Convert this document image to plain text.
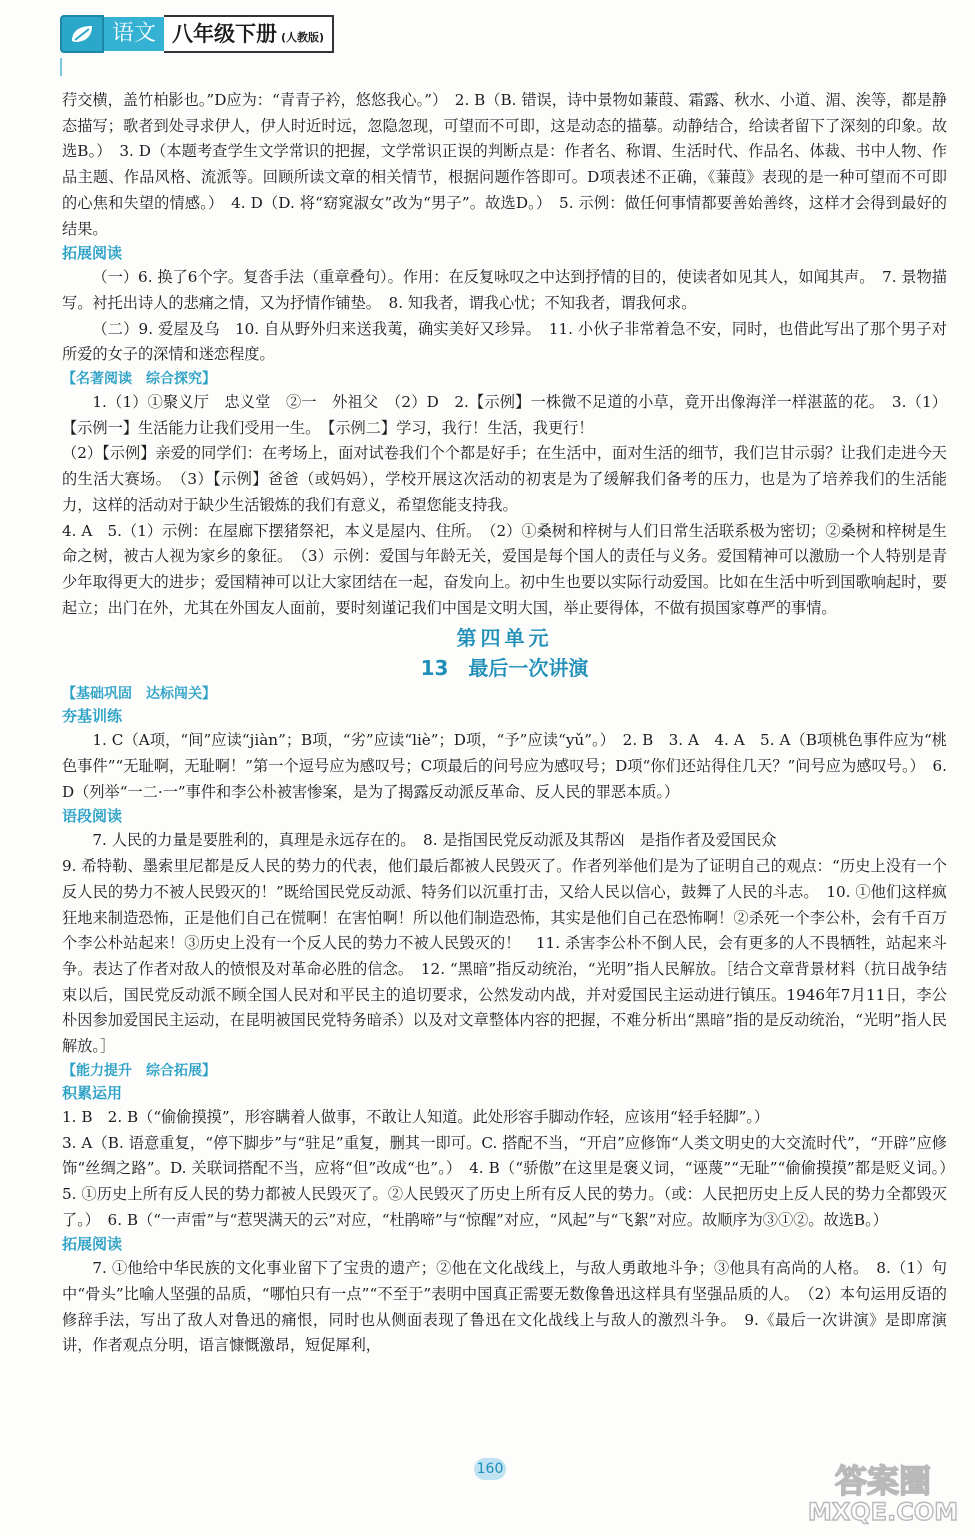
语文 八年级下册 (人教版)

荇交横，盖竹柏影也。”D应为：“青青子衿，悠悠我心。”）　2. B（B. 错误，诗中景物如蒹葭、霜露、秋水、小道、湄、涘等，都是静态描写；歌者到处寻求伊人，伊人时近时远，忽隐忽现，可望而不可即，这是动态的描摹。动静结合，给读者留下了深刻的印象。故选B。）　3. D（本题考查学生文学常识的把握，文学常识正误的判断点是：作者名、称谓、生活时代、作品名、体裁、书中人物、作品主题、作品风格、流派等。回顾所读文章的相关情节，根据问题作答即可。D项表述不正确，《蒹葭》表现的是一种可望而不可即的心焦和失望的情感。）　4. D（D. 将“窈窕淑女”改为“男子”。故选D。）　5. 示例：做任何事情都要善始善终，这样才会得到最好的结果。

拓展阅读

（一）6. 换了6个字。复沓手法（重章叠句）。作用：在反复咏叹之中达到抒情的目的，使读者如见其人，如闻其声。　7. 景物描写。衬托出诗人的悲痛之情，又为抒情作铺垫。　8. 知我者，谓我心忧；不知我者，谓我何求。

（二）9. 爱屋及乌　10. 自从野外归来送我荑，确实美好又珍异。　11. 小伙子非常着急不安，同时，也借此写出了那个男子对所爱的女子的深情和迷恋程度。

【名著阅读　综合探究】

1.（1）①聚义厅　忠义堂　②一　外祖父　（2）D　2.【示例】一株微不足道的小草，竟开出像海洋一样湛蓝的花。　3.（1）【示例一】生活能力让我们受用一生。　【示例二】学习，我行！生活，我更行！

（2）【示例】亲爱的同学们：在考场上，面对试卷我们个个都是好手；在生活中，面对生活的细节，我们岂甘示弱？让我们走进今天的生活大赛场。　（3）【示例】爸爸（或妈妈），学校开展这次活动的初衷是为了缓解我们备考的压力，也是为了培养我们的生活能力，这样的活动对于缺少生活锻炼的我们有意义，希望您能支持我。

4. A　5.（1）示例：在屋廊下摆猪祭祀，本义是屋内、住所。　（2）①桑树和梓树与人们日常生活联系极为密切；②桑树和梓树是生命之树，被古人视为家乡的象征。　（3）示例：爱国与年龄无关，爱国是每个国人的责任与义务。爱国精神可以激励一个人特别是青少年取得更大的进步；爱国精神可以让大家团结在一起，奋发向上。初中生也要以实际行动爱国。比如在生活中听到国歌响起时，要起立；出门在外，尤其在外国友人面前，要时刻谨记我们中国是文明大国，举止要得体，不做有损国家尊严的事情。

第四单元
13　最后一次讲演
【基础巩固　达标闯关】
夯基训练

1. C（A项，“间”应读“jiàn”；B项，“劣”应读“liè”；D项，“予”应读“yǔ”。）　2. B　3. A　4. A　5. A（B项桃色事件应为“桃色事件”“无耻啊，无耻啊！”第一个逗号应为感叹号；C项最后的问号应为感叹号；D项“你们还站得住几天？”问号应为感叹号。）　6. D（列举“一二·一”事件和李公朴被害惨案，是为了揭露反动派反革命、反人民的罪恶本质。）

语段阅读

7. 人民的力量是要胜利的，真理是永远存在的。　8. 是指国民党反动派及其帮凶　是指作者及爱国民众

9. 希特勒、墨索里尼都是反人民的势力的代表，他们最后都被人民毁灭了。作者列举他们是为了证明自己的观点：“历史上没有一个反人民的势力不被人民毁灭的！”既给国民党反动派、特务们以沉重打击，又给人民以信心，鼓舞了人民的斗志。　10. ①他们这样疯狂地来制造恐怖，正是他们自己在慌啊！在害怕啊！所以他们制造恐怖，其实是他们自己在恐怖啊！②杀死一个李公朴，会有千百万个李公朴站起来！③历史上没有一个反人民的势力不被人民毁灭的！　11. 杀害李公朴不倒人民，会有更多的人不畏牺牲，站起来斗争。表达了作者对敌人的愤恨及对革命必胜的信念。　12. “黑暗”指反动统治，“光明”指人民解放。［结合文章背景材料（抗日战争结束以后，国民党反动派不顾全国人民对和平民主的追切要求，公然发动内战，并对爱国民主运动进行镇压。1946年7月11日，李公朴因参加爱国民主运动，在昆明被国民党特务暗杀）以及对文章整体内容的把握，不难分析出“黑暗”指的是反动统治，“光明”指人民解放。］

【能力提升　综合拓展】
积累运用

1. B　2. B（“偷偷摸摸”，形容瞒着人做事，不敢让人知道。此处形容手脚动作轻，应该用“轻手轻脚”。）

3. A（B. 语意重复，“停下脚步”与“驻足”重复，删其一即可。C. 搭配不当，“开启”应修饰“人类文明史的大交流时代”，“开辟”应修饰“丝绸之路”。D. 关联词搭配不当，应将“但”改成“也”。）　4. B（“骄傲”在这里是褒义词，“诬蔑”“无耻”“偷偷摸摸”都是贬义词。）　5. ①历史上所有反人民的势力都被人民毁灭了。②人民毁灭了历史上所有反人民的势力。（或：人民把历史上反人民的势力全都毁灭了。）　6. B（“一声雷”与“惹哭满天的云”对应，“杜鹃啼”与“惊醒”对应，“风起”与“飞絮”对应。故顺序为③①②。故选B。）

拓展阅读

7. ①他给中华民族的文化事业留下了宝贵的遗产；②他在文化战线上，与敌人勇敢地斗争；③他具有高尚的人格。　8.（1）句中“骨头”比喻人坚强的品质，“哪怕只有一点”“不至于”表明中国真正需要无数像鲁迅这样具有坚强品质的人。　（2）本句运用反语的修辞手法，写出了敌人对鲁迅的痛恨，同时也从侧面表现了鲁迅在文化战线上与敌人的激烈斗争。　9.《最后一次讲演》是即席演讲，作者观点分明，语言慷慨激昂，短促犀利，

160	答案圈
MXQE.COM
